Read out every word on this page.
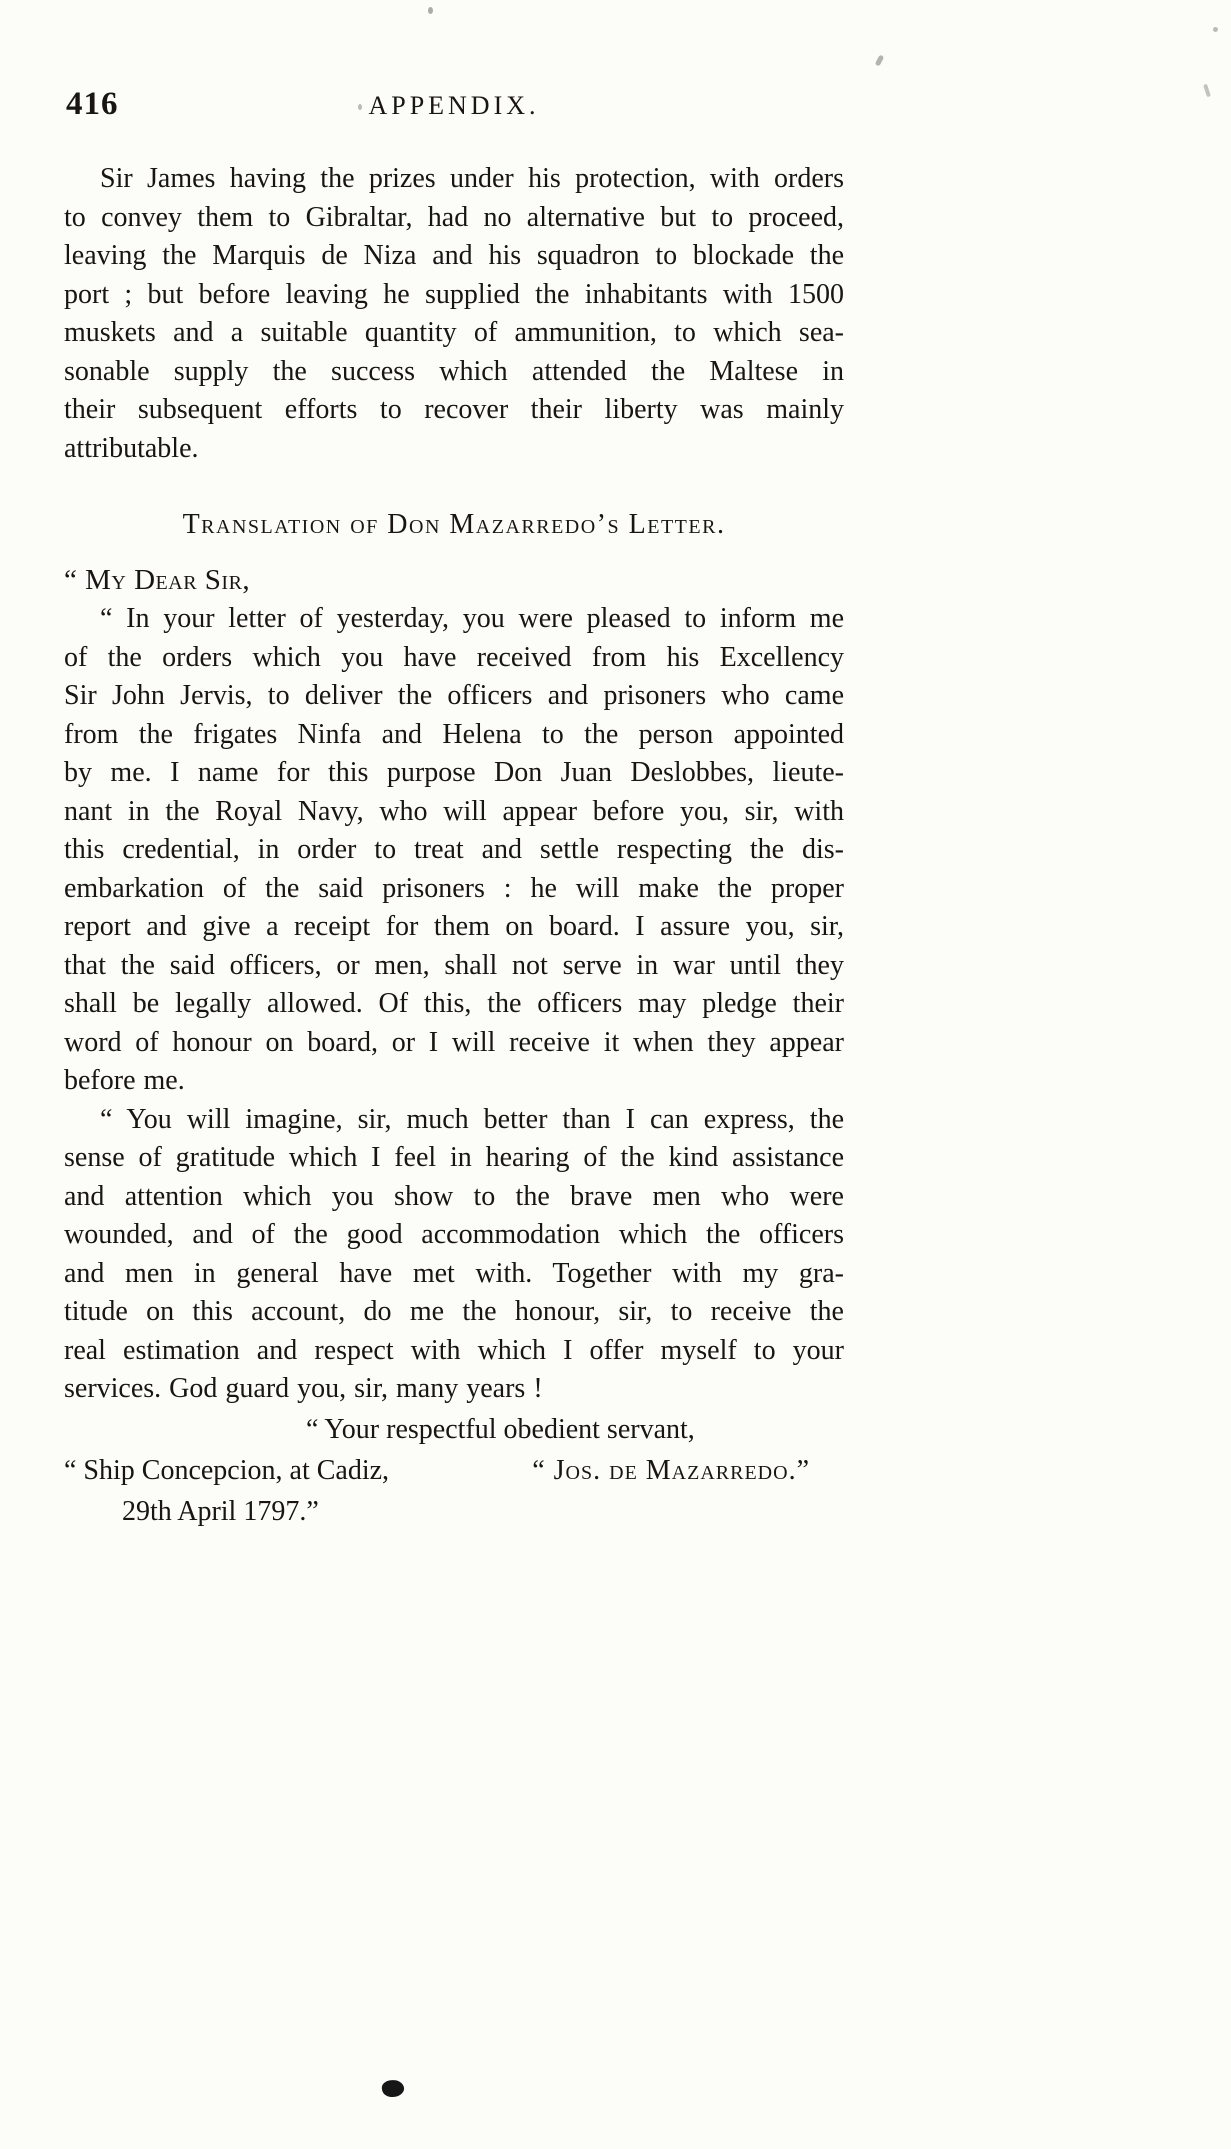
416	APPENDIX.
Sir James having the prizes under his protection, with orders
to convey them to Gibraltar, had no alternative but to proceed,
leaving the Marquis de Niza and his squadron to blockade the
port ; but before leaving he supplied the inhabitants with 1500
muskets and a suitable quantity of ammunition, to which sea-
sonable supply the success which attended the Maltese in
their subsequent efforts to recover their liberty was mainly
attributable.
Translation of Don Mazarredo’s Letter.
“ My Dear Sir,
“ In your letter of yesterday, you were pleased to inform me
of the orders which you have received from his Excellency
Sir John Jervis, to deliver the officers and prisoners who came
from the frigates Ninfa and Helena to the person appointed
by me. I name for this purpose Don Juan Deslobbes, lieute-
nant in the Royal Navy, who will appear before you, sir, with
this credential, in order to treat and settle respecting the dis-
embarkation of the said prisoners : he will make the proper
report and give a receipt for them on board. I assure you, sir,
that the said officers, or men, shall not serve in war until they
shall be legally allowed. Of this, the officers may pledge their
word of honour on board, or I will receive it when they appear
before me.
“ You will imagine, sir, much better than I can express, the
sense of gratitude which I feel in hearing of the kind assistance
and attention which you show to the brave men who were
wounded, and of the good accommodation which the officers
and men in general have met with. Together with my gra-
titude on this account, do me the honour, sir, to receive the
real estimation and respect with which I offer myself to your
services. God guard you, sir, many years !
“ Your respectful obedient servant,
“ Ship Concepcion, at Cadiz,	“ Jos. de Mazarredo.”
29th April 1797.”
